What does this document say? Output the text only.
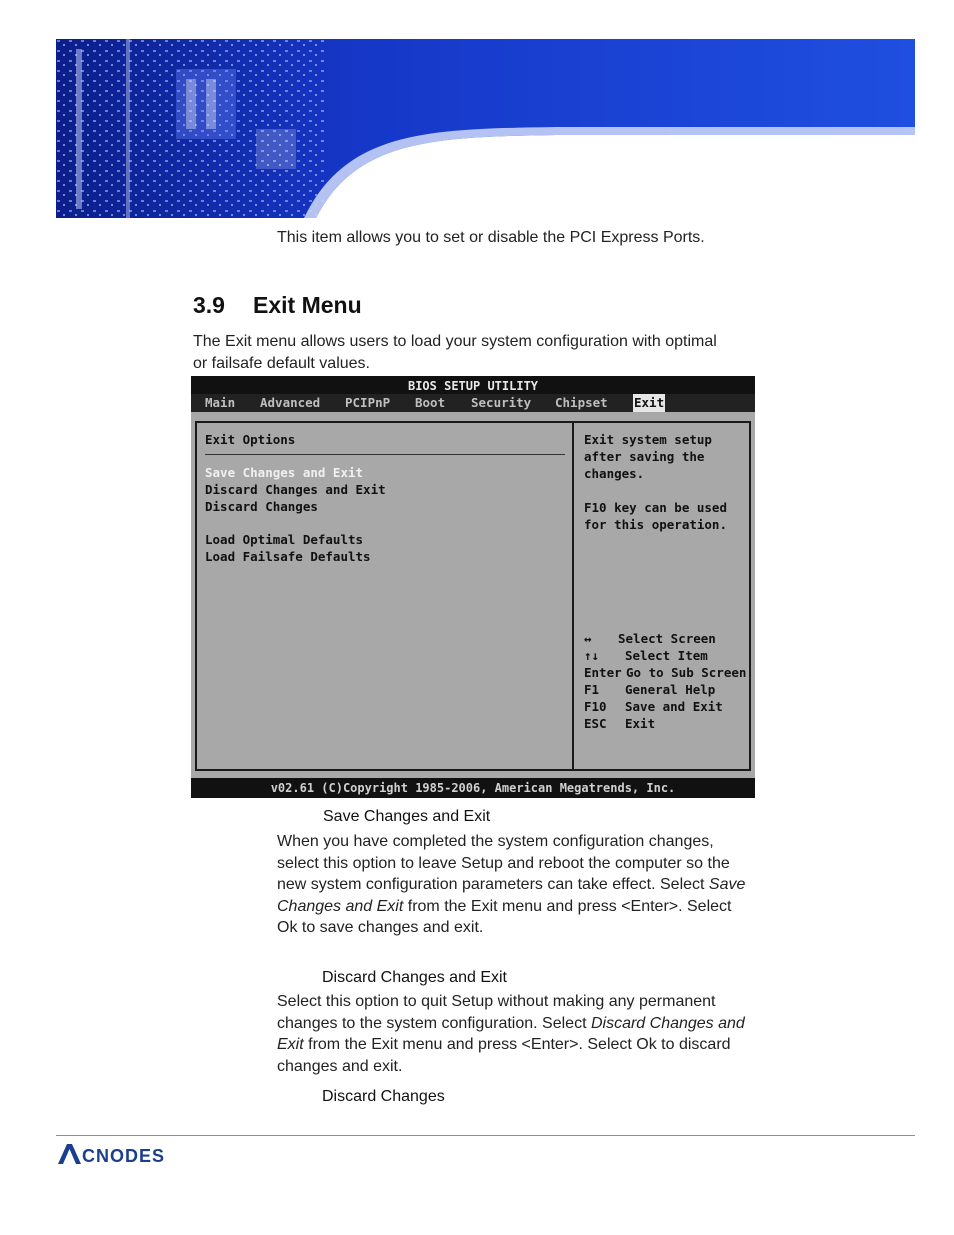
This item allows you to set or disable the PCI Express Ports.
3.9 Exit Menu
The Exit menu allows users to load your system configuration with optimal or failsafe default values.
BIOS SETUP UTILITY
Main Advanced PCIPnP Boot Security Chipset Exit
Exit Options
Save Changes and Exit
Discard Changes and Exit
Discard Changes
Load Optimal Defaults
Load Failsafe Defaults
Exit system setup
after saving the
changes.

F10 key can be used
for this operation.
↔ Select Screen
↑↓ Select Item
Enter Go to Sub Screen
F1 General Help
F10 Save and Exit
ESC Exit
v02.61 (C)Copyright 1985-2006, American Megatrends, Inc.
Save Changes and Exit
When you have completed the system configuration changes, select this option to leave Setup and reboot the computer so the new system configuration parameters can take effect. Select Save Changes and Exit from the Exit menu and press <Enter>. Select Ok to save changes and exit.
Discard Changes and Exit
Select this option to quit Setup without making any permanent changes to the system configuration. Select Discard Changes and Exit from the Exit menu and press <Enter>. Select Ok to discard changes and exit.
Discard Changes
CNODES
